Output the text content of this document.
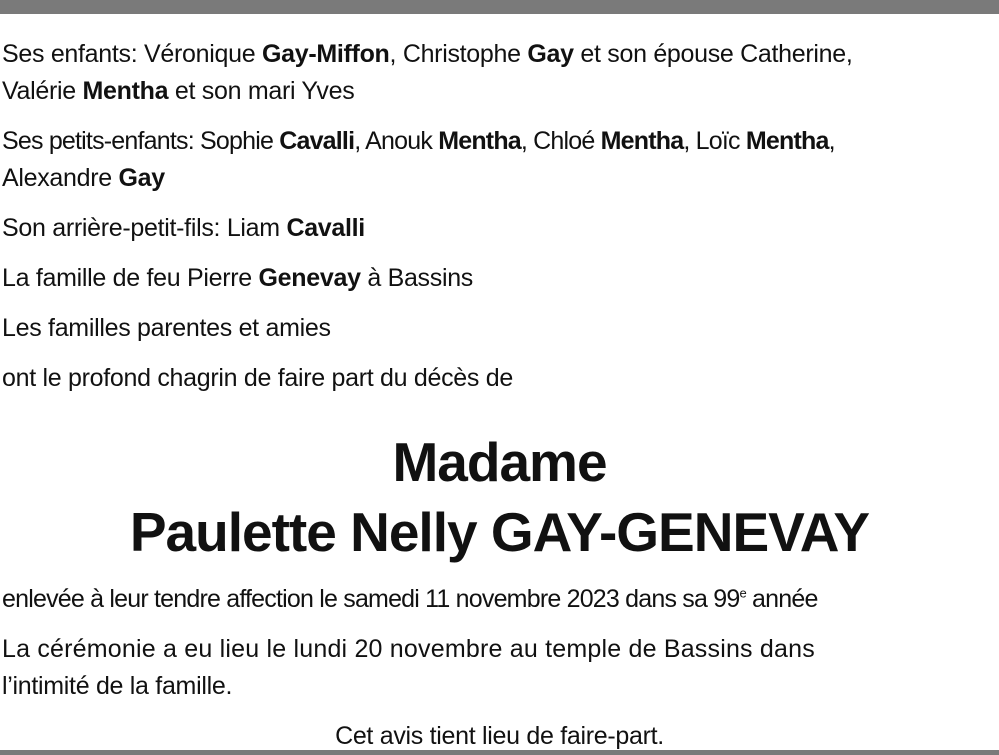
Ses enfants: Véronique Gay-Miffon, Christophe Gay et son épouse Catherine,
Valérie Mentha et son mari Yves
Ses petits-enfants: Sophie Cavalli, Anouk Mentha, Chloé Mentha, Loïc Mentha,
Alexandre Gay
Son arrière-petit-fils: Liam Cavalli
La famille de feu Pierre Genevay à Bassins
Les familles parentes et amies
ont le profond chagrin de faire part du décès de
Madame
Paulette Nelly GAY-GENEVAY
enlevée à leur tendre affection le samedi 11 novembre 2023 dans sa 99e année
La cérémonie a eu lieu le lundi 20 novembre au temple de Bassins dans
l’intimité de la famille.
Cet avis tient lieu de faire-part.
